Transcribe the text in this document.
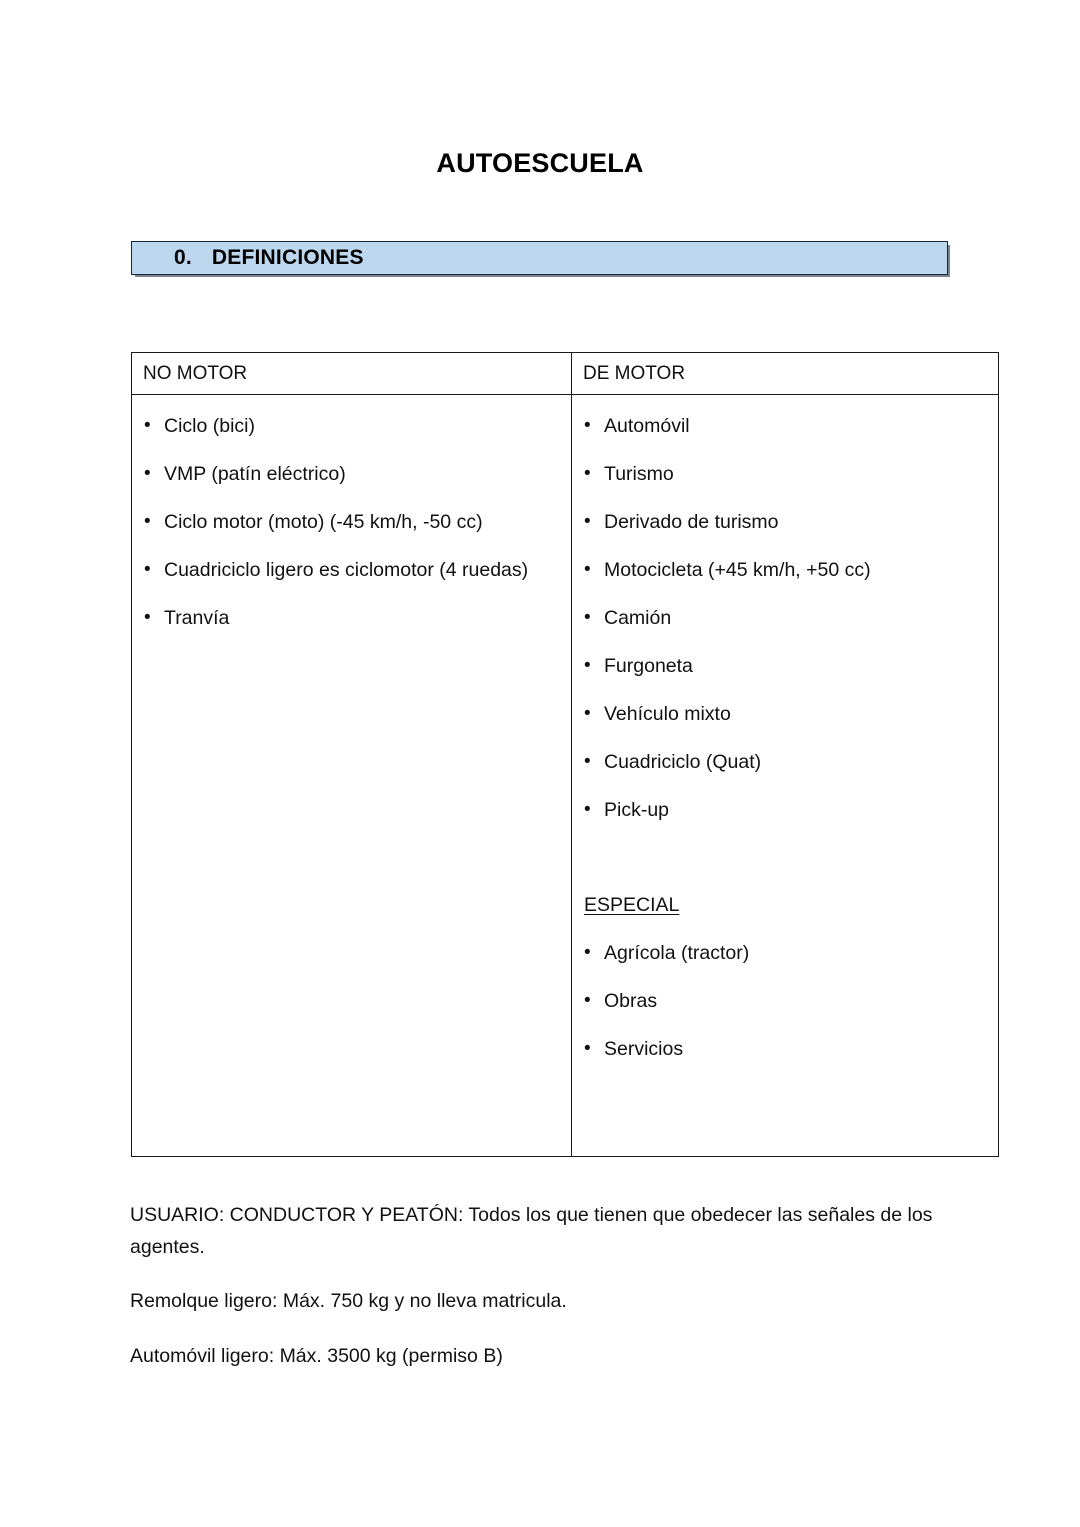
AUTOESCUELA
0. DEFINICIONES
NO MOTOR	DE MOTOR
• Ciclo (bici)
• VMP (patín eléctrico)
• Ciclo motor (moto) (-45 km/h, -50 cc)
• Cuadriciclo ligero es ciclomotor (4 ruedas)
• Tranvía
• Automóvil
• Turismo
• Derivado de turismo
• Motocicleta (+45 km/h, +50 cc)
• Camión
• Furgoneta
• Vehículo mixto
• Cuadriciclo (Quat)
• Pick-up
ESPECIAL
• Agrícola (tractor)
• Obras
• Servicios

USUARIO: CONDUCTOR Y PEATÓN: Todos los que tienen que obedecer las señales de los agentes.

Remolque ligero: Máx. 750 kg y no lleva matricula.

Automóvil ligero: Máx. 3500 kg (permiso B)
